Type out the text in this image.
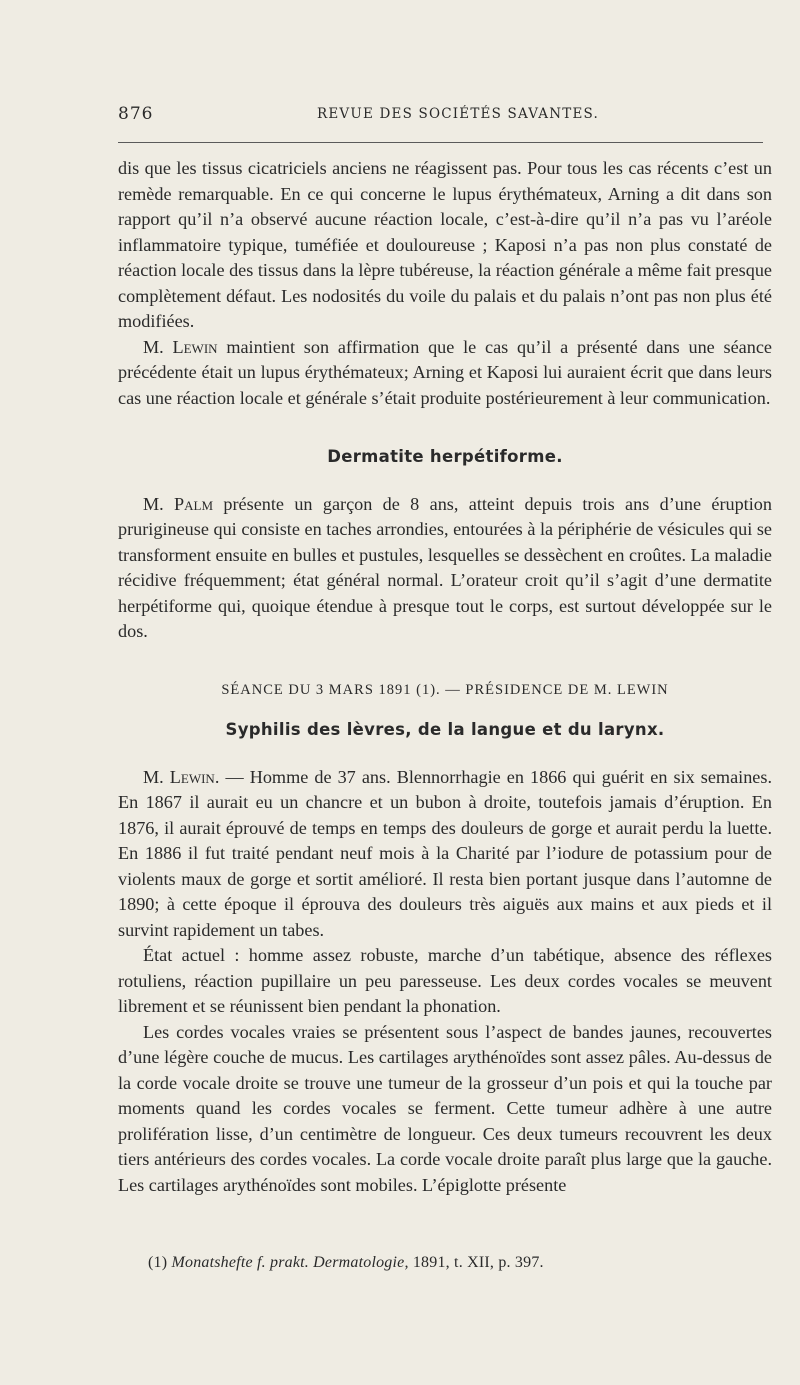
876	REVUE DES SOCIÉTÉS SAVANTES.

dis que les tissus cicatriciels anciens ne réagissent pas. Pour tous les cas récents c’est un remède remarquable. En ce qui concerne le lupus érythémateux, Arning a dit dans son rapport qu’il n’a observé aucune réaction locale, c’est-à-dire qu’il n’a pas vu l’aréole inflammatoire typique, tuméfiée et douloureuse ; Kaposi n’a pas non plus constaté de réaction locale des tissus dans la lèpre tubéreuse, la réaction générale a même fait presque complètement défaut. Les nodosités du voile du palais et du palais n’ont pas non plus été modifiées.

M. Lewin maintient son affirmation que le cas qu’il a présenté dans une séance précédente était un lupus érythémateux; Arning et Kaposi lui auraient écrit que dans leurs cas une réaction locale et générale s’était produite postérieurement à leur communication.

Dermatite herpétiforme.

M. Palm présente un garçon de 8 ans, atteint depuis trois ans d’une éruption prurigineuse qui consiste en taches arrondies, entourées à la périphérie de vésicules qui se transforment ensuite en bulles et pustules, lesquelles se dessèchent en croûtes. La maladie récidive fréquemment; état général normal. L’orateur croit qu’il s’agit d’une dermatite herpétiforme qui, quoique étendue à presque tout le corps, est surtout développée sur le dos.

SÉANCE DU 3 MARS 1891 (1). — PRÉSIDENCE DE M. LEWIN
Syphilis des lèvres, de la langue et du larynx.

M. Lewin. — Homme de 37 ans. Blennorrhagie en 1866 qui guérit en six semaines. En 1867 il aurait eu un chancre et un bubon à droite, toutefois jamais d’éruption. En 1876, il aurait éprouvé de temps en temps des douleurs de gorge et aurait perdu la luette. En 1886 il fut traité pendant neuf mois à la Charité par l’iodure de potassium pour de violents maux de gorge et sortit amélioré. Il resta bien portant jusque dans l’automne de 1890; à cette époque il éprouva des douleurs très aiguës aux mains et aux pieds et il survint rapidement un tabes.

État actuel : homme assez robuste, marche d’un tabétique, absence des réflexes rotuliens, réaction pupillaire un peu paresseuse. Les deux cordes vocales se meuvent librement et se réunissent bien pendant la phonation.

Les cordes vocales vraies se présentent sous l’aspect de bandes jaunes, recouvertes d’une légère couche de mucus. Les cartilages arythénoïdes sont assez pâles. Au-dessus de la corde vocale droite se trouve une tumeur de la grosseur d’un pois et qui la touche par moments quand les cordes vocales se ferment. Cette tumeur adhère à une autre prolifération lisse, d’un centimètre de longueur. Ces deux tumeurs recouvrent les deux tiers antérieurs des cordes vocales. La corde vocale droite paraît plus large que la gauche. Les cartilages arythénoïdes sont mobiles. L’épiglotte présente

(1) Monatshefte f. prakt. Dermatologie, 1891, t. XII, p. 397.
